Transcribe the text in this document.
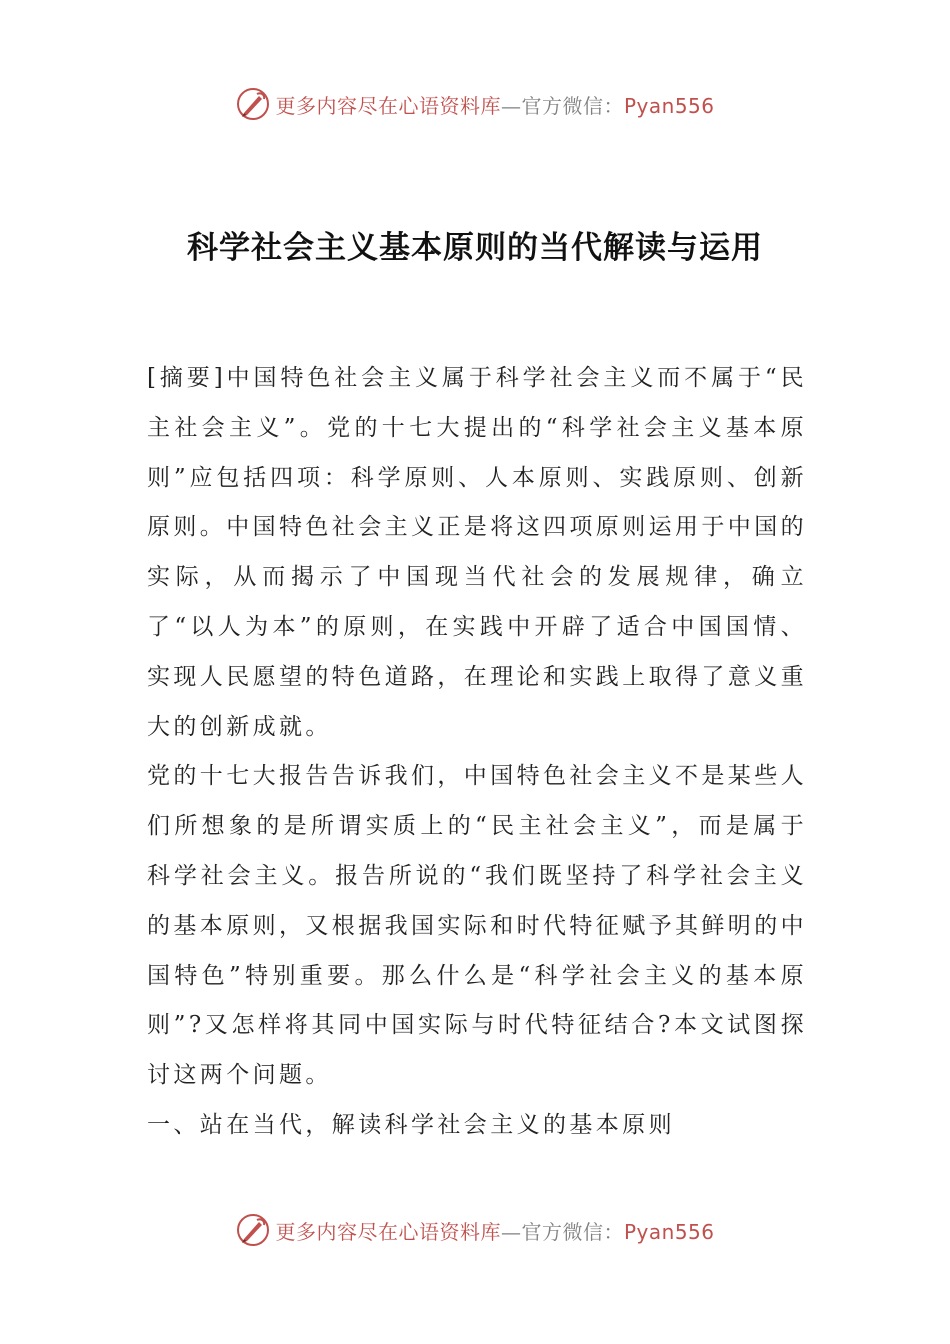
更多内容尽在心语资料库—官方微信：Pyan556
科学社会主义基本原则的当代解读与运用

[摘要]中国特色社会主义属于科学社会主义而不属于“民主社会主义”。党的十七大提出的“科学社会主义基本原则”应包括四项：科学原则、人本原则、实践原则、创新原则。中国特色社会主义正是将这四项原则运用于中国的实际，从而揭示了中国现当代社会的发展规律，确立了“以人为本”的原则，在实践中开辟了适合中国国情、实现人民愿望的特色道路，在理论和实践上取得了意义重大的创新成就。

党的十七大报告告诉我们，中国特色社会主义不是某些人们所想象的是所谓实质上的“民主社会主义”，而是属于科学社会主义。报告所说的“我们既坚持了科学社会主义的基本原则，又根据我国实际和时代特征赋予其鲜明的中国特色”特别重要。那么什么是“科学社会主义的基本原则”?又怎样将其同中国实际与时代特征结合?本文试图探讨这两个问题。

一、站在当代，解读科学社会主义的基本原则

更多内容尽在心语资料库—官方微信：Pyan556
